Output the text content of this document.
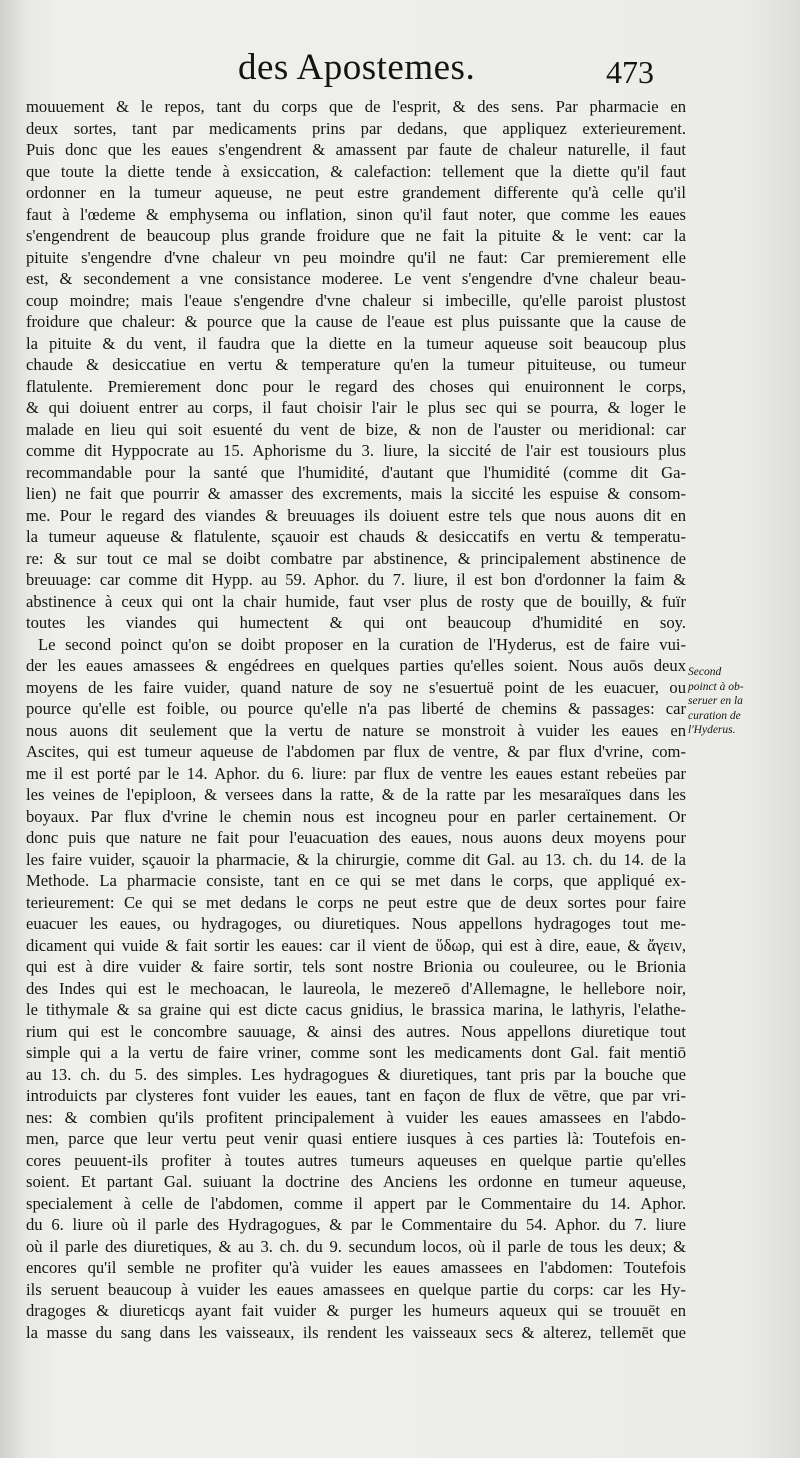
des Apostemes.	473
mouuement & le repos, tant du corps que de l'esprit, & des sens. Par pharmacie en
deux sortes, tant par medicaments prins par dedans, que appliquez exterieurement.
Puis donc que les eaues s'engendrent & amassent par faute de chaleur naturelle, il faut
que toute la diette tende à exsiccation, & calefaction: tellement que la diette qu'il faut
ordonner en la tumeur aqueuse, ne peut estre grandement differente qu'à celle qu'il
faut à l'œdeme & emphysema ou inflation, sinon qu'il faut noter, que comme les eaues
s'engendrent de beaucoup plus grande froidure que ne fait la pituite & le vent: car la
pituite s'engendre d'vne chaleur vn peu moindre qu'il ne faut: Car premierement elle
est, & secondement a vne consistance moderee. Le vent s'engendre d'vne chaleur beau-
coup moindre; mais l'eaue s'engendre d'vne chaleur si imbecille, qu'elle paroist plustost
froidure que chaleur: & pource que la cause de l'eaue est plus puissante que la cause de
la pituite & du vent, il faudra que la diette en la tumeur aqueuse soit beaucoup plus
chaude & desiccatiue en vertu & temperature qu'en la tumeur pituiteuse, ou tumeur
flatulente. Premierement donc pour le regard des choses qui enuironnent le corps,
& qui doiuent entrer au corps, il faut choisir l'air le plus sec qui se pourra, & loger le
malade en lieu qui soit esuenté du vent de bize, & non de l'auster ou meridional: car
comme dit Hyppocrate au 15. Aphorisme du 3. liure, la siccité de l'air est tousiours plus
recommandable pour la santé que l'humidité, d'autant que l'humidité (comme dit Ga-
lien) ne fait que pourrir & amasser des excrements, mais la siccité les espuise & consom-
me. Pour le regard des viandes & breuuages ils doiuent estre tels que nous auons dit en
la tumeur aqueuse & flatulente, sçauoir est chauds & desiccatifs en vertu & temperatu-
re: & sur tout ce mal se doibt combatre par abstinence, & principalement abstinence de
breuuage: car comme dit Hypp. au 59. Aphor. du 7. liure, il est bon d'ordonner la faim &
abstinence à ceux qui ont la chair humide, faut vser plus de rosty que de bouilly, & fuïr
toutes les viandes qui humectent & qui ont beaucoup d'humidité en soy.
Le second poinct qu'on se doibt proposer en la curation de l'Hyderus, est de faire vui-
der les eaues amassees & engédrees en quelques parties qu'elles soient. Nous auōs deux
moyens de les faire vuider, quand nature de soy ne s'esuertuë point de les euacuer, ou
pource qu'elle est foible, ou pource qu'elle n'a pas liberté de chemins & passages: car
nous auons dit seulement que la vertu de nature se monstroit à vuider les eaues en
Ascites, qui est tumeur aqueuse de l'abdomen par flux de ventre, & par flux d'vrine, com-
me il est porté par le 14. Aphor. du 6. liure: par flux de ventre les eaues estant rebeües par
les veines de l'epiploon, & versees dans la ratte, & de la ratte par les mesaraïques dans les
boyaux. Par flux d'vrine le chemin nous est incogneu pour en parler certainement. Or
donc puis que nature ne fait pour l'euacuation des eaues, nous auons deux moyens pour
les faire vuider, sçauoir la pharmacie, & la chirurgie, comme dit Gal. au 13. ch. du 14. de la
Methode. La pharmacie consiste, tant en ce qui se met dans le corps, que appliqué ex-
terieurement: Ce qui se met dedans le corps ne peut estre que de deux sortes pour faire
euacuer les eaues, ou hydragoges, ou diuretiques. Nous appellons hydragoges tout me-
dicament qui vuide & fait sortir les eaues: car il vient de ὕδωρ, qui est à dire, eaue, & ἄγειν,
qui est à dire vuider & faire sortir, tels sont nostre Brionia ou couleuree, ou le Brionia
des Indes qui est le mechoacan, le laureola, le mezereō d'Allemagne, le hellebore noir,
le tithymale & sa graine qui est dicte cacus gnidius, le brassica marina, le lathyris, l'elathe-
rium qui est le concombre sauuage, & ainsi des autres. Nous appellons diuretique tout
simple qui a la vertu de faire vriner, comme sont les medicaments dont Gal. fait mentiō
au 13. ch. du 5. des simples. Les hydragogues & diuretiques, tant pris par la bouche que
introduicts par clysteres font vuider les eaues, tant en façon de flux de vētre, que par vri-
nes: & combien qu'ils profitent principalement à vuider les eaues amassees en l'abdo-
men, parce que leur vertu peut venir quasi entiere iusques à ces parties là: Toutefois en-
cores peuuent-ils profiter à toutes autres tumeurs aqueuses en quelque partie qu'elles
soient. Et partant Gal. suiuant la doctrine des Anciens les ordonne en tumeur aqueuse,
specialement à celle de l'abdomen, comme il appert par le Commentaire du 14. Aphor.
du 6. liure où il parle des Hydragogues, & par le Commentaire du 54. Aphor. du 7. liure
où il parle des diuretiques, & au 3. ch. du 9. secundum locos, où il parle de tous les deux; &
encores qu'il semble ne profiter qu'à vuider les eaues amassees en l'abdomen: Toutefois
ils seruent beaucoup à vuider les eaues amassees en quelque partie du corps: car les Hy-
dragoges & diureticqs ayant fait vuider & purger les humeurs aqueux qui se trouuēt en
la masse du sang dans les vaisseaux, ils rendent les vaisseaux secs & alterez, tellemēt que
Second
poinct à ob-
seruer en la
curation de
l'Hyderus.
